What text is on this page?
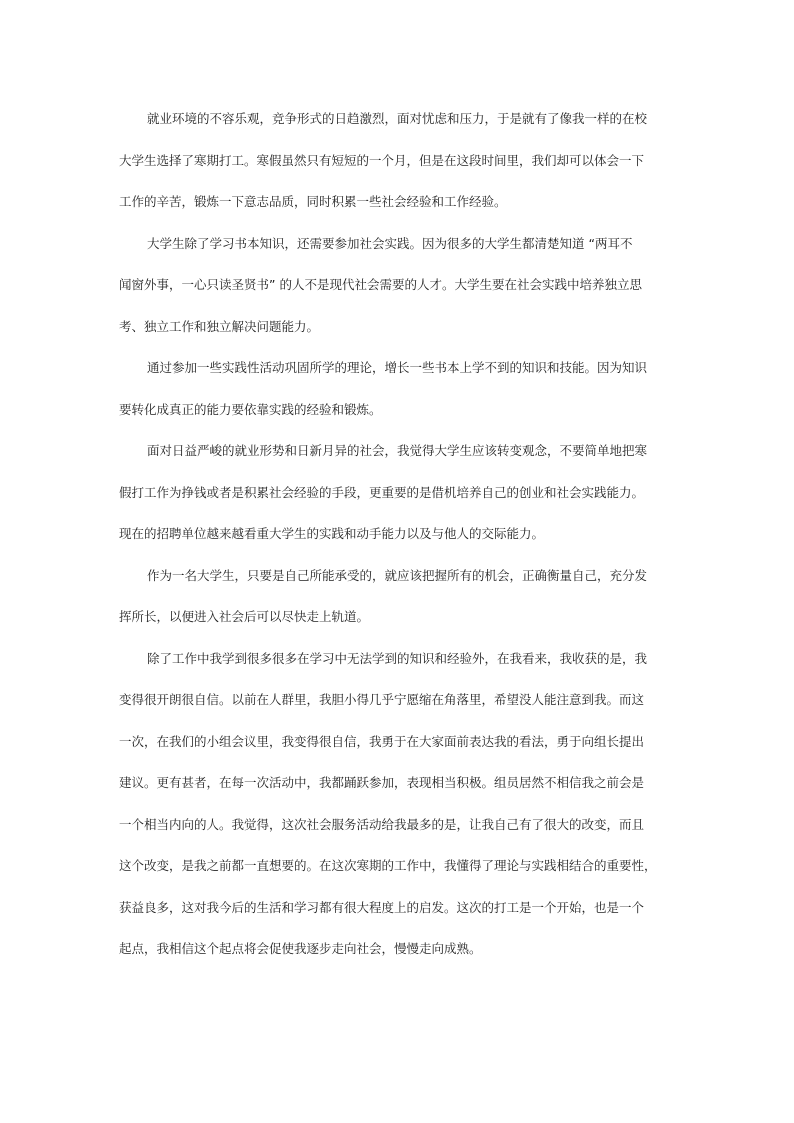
就业环境的不容乐观，竞争形式的日趋激烈，面对忧虑和压力，于是就有了像我一样的在校
大学生选择了寒期打工。寒假虽然只有短短的一个月，但是在这段时间里，我们却可以体会一下
工作的辛苦，锻炼一下意志品质，同时积累一些社会经验和工作经验。
大学生除了学习书本知识，还需要参加社会实践。因为很多的大学生都清楚知道 “两耳不
闻窗外事，一心只读圣贤书” 的人不是现代社会需要的人才。大学生要在社会实践中培养独立思
考、独立工作和独立解决问题能力。
通过参加一些实践性活动巩固所学的理论，增长一些书本上学不到的知识和技能。因为知识
要转化成真正的能力要依靠实践的经验和锻炼。
面对日益严峻的就业形势和日新月异的社会，我觉得大学生应该转变观念，不要简单地把寒
假打工作为挣钱或者是积累社会经验的手段，更重要的是借机培养自己的创业和社会实践能力。
现在的招聘单位越来越看重大学生的实践和动手能力以及与他人的交际能力。
作为一名大学生，只要是自己所能承受的，就应该把握所有的机会，正确衡量自己，充分发
挥所长，以便进入社会后可以尽快走上轨道。
除了工作中我学到很多很多在学习中无法学到的知识和经验外，在我看来，我收获的是，我
变得很开朗很自信。以前在人群里，我胆小得几乎宁愿缩在角落里，希望没人能注意到我。而这
一次，在我们的小组会议里，我变得很自信，我勇于在大家面前表达我的看法，勇于向组长提出
建议。更有甚者，在每一次活动中，我都踊跃参加，表现相当积极。组员居然不相信我之前会是
一个相当内向的人。我觉得，这次社会服务活动给我最多的是，让我自己有了很大的改变，而且
这个改变，是我之前都一直想要的。在这次寒期的工作中，我懂得了理论与实践相结合的重要性，
获益良多，这对我今后的生活和学习都有很大程度上的启发。这次的打工是一个开始，也是一个
起点，我相信这个起点将会促使我逐步走向社会，慢慢走向成熟。
